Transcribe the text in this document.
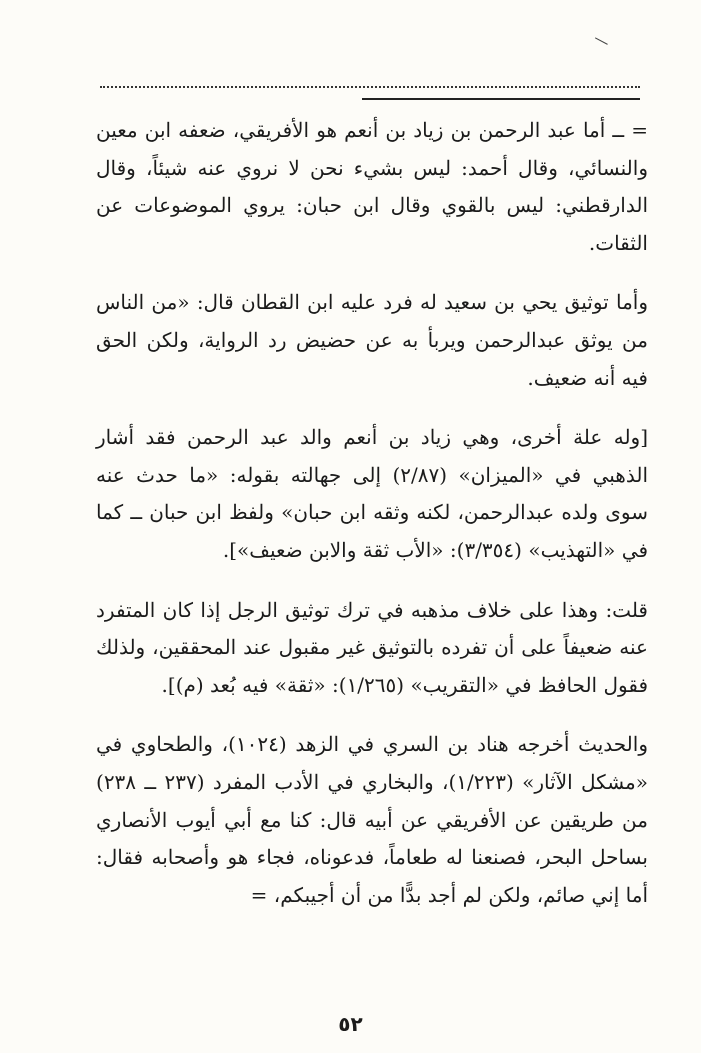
= ــ أما عبد الرحمن بن زياد بن أنعم هو الأفريقي، ضعفه ابن معين والنسائي، وقال أحمد: ليس بشيء نحن لا نروي عنه شيئاً، وقال الدارقطني: ليس بالقوي وقال ابن حبان: يروي الموضوعات عن الثقات.

وأما توثيق يحي بن سعيد له فرد عليه ابن القطان قال: «من الناس من يوثق عبدالرحمن ويربأ به عن حضيض رد الرواية، ولكن الحق فيه أنه ضعيف.

[وله علة أخرى، وهي زياد بن أنعم والد عبد الرحمن فقد أشار الذهبي في «الميزان» (٢/٨٧) إلى جهالته بقوله: «ما حدث عنه سوى ولده عبدالرحمن، لكنه وثقه ابن حبان» ولفظ ابن حبان ــ كما في «التهذيب» (٣/٣٥٤): «الأب ثقة والابن ضعيف»].

قلت: وهذا على خلاف مذهبه في ترك توثيق الرجل إذا كان المتفرد عنه ضعيفاً على أن تفرده بالتوثيق غير مقبول عند المحققين، ولذلك فقول الحافظ في «التقريب» (١/٢٦٥): «ثقة» فيه بُعد (م)].

والحديث أخرجه هناد بن السري في الزهد (١٠٢٤)، والطحاوي في «مشكل الآثار» (١/٢٢٣)، والبخاري في الأدب المفرد (٢٣٧ ــ ٢٣٨) من طريقين عن الأفريقي عن أبيه قال: كنا مع أبي أيوب الأنصاري بساحل البحر، فصنعنا له طعاماً، فدعوناه، فجاء هو وأصحابه فقال: أما إني صائم، ولكن لم أجد بدًّا من أن أجيبكم، =

٥٢
